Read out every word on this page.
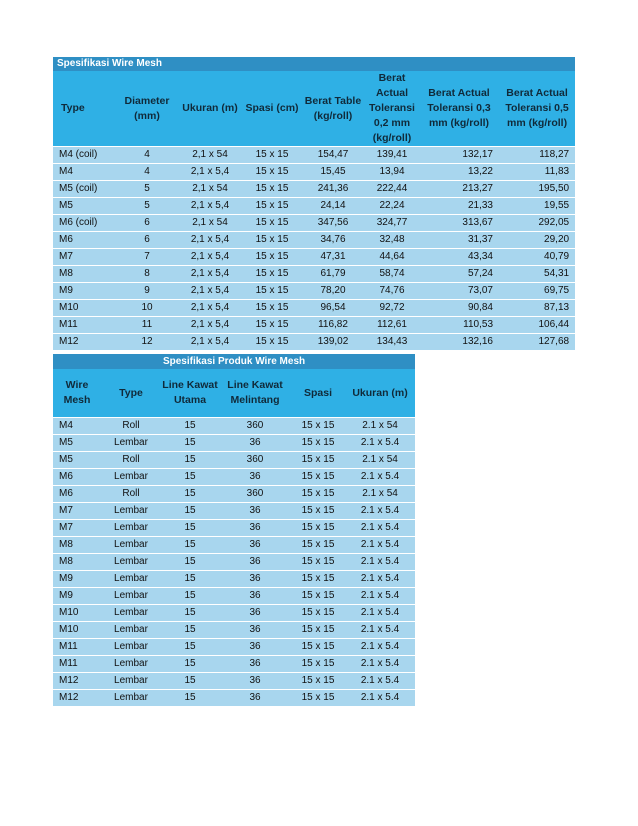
Spesifikasi Wire Mesh							
Type	Diameter (mm)	Ukuran (m)	Spasi (cm)	Berat Table (kg/roll)	Berat Actual Toleransi 0,2 mm (kg/roll)	Berat Actual Toleransi 0,3 mm (kg/roll)	Berat Actual Toleransi 0,5 mm (kg/roll)
M4 (coil)	4	2,1 x 54	15 x 15	154,47	139,41	132,17	118,27
M4	4	2,1 x 5,4	15 x 15	15,45	13,94	13,22	11,83
M5 (coil)	5	2,1 x 54	15 x 15	241,36	222,44	213,27	195,50
M5	5	2,1 x 5,4	15 x 15	24,14	22,24	21,33	19,55
M6 (coil)	6	2,1 x 54	15 x 15	347,56	324,77	313,67	292,05
M6	6	2,1 x 5,4	15 x 15	34,76	32,48	31,37	29,20
M7	7	2,1 x 5,4	15 x 15	47,31	44,64	43,34	40,79
M8	8	2,1 x 5,4	15 x 15	61,79	58,74	57,24	54,31
M9	9	2,1 x 5,4	15 x 15	78,20	74,76	73,07	69,75
M10	10	2,1 x 5,4	15 x 15	96,54	92,72	90,84	87,13
M11	11	2,1 x 5,4	15 x 15	116,82	112,61	110,53	106,44
M12	12	2,1 x 5,4	15 x 15	139,02	134,43	132,16	127,68
Spesifikasi Produk Wire Mesh					
Wire Mesh	Type	Line Kawat Utama	Line Kawat Melintang	Spasi	Ukuran (m)
M4	Roll	15	360	15 x 15	2.1 x 54
M5	Lembar	15	36	15 x 15	2.1 x 5.4
M5	Roll	15	360	15 x 15	2.1 x 54
M6	Lembar	15	36	15 x 15	2.1 x 5.4
M6	Roll	15	360	15 x 15	2.1 x 54
M7	Lembar	15	36	15 x 15	2.1 x 5.4
M7	Lembar	15	36	15 x 15	2.1 x 5.4
M8	Lembar	15	36	15 x 15	2.1 x 5.4
M8	Lembar	15	36	15 x 15	2.1 x 5.4
M9	Lembar	15	36	15 x 15	2.1 x 5.4
M9	Lembar	15	36	15 x 15	2.1 x 5.4
M10	Lembar	15	36	15 x 15	2.1 x 5.4
M10	Lembar	15	36	15 x 15	2.1 x 5.4
M11	Lembar	15	36	15 x 15	2.1 x 5.4
M11	Lembar	15	36	15 x 15	2.1 x 5.4
M12	Lembar	15	36	15 x 15	2.1 x 5.4
M12	Lembar	15	36	15 x 15	2.1 x 5.4
